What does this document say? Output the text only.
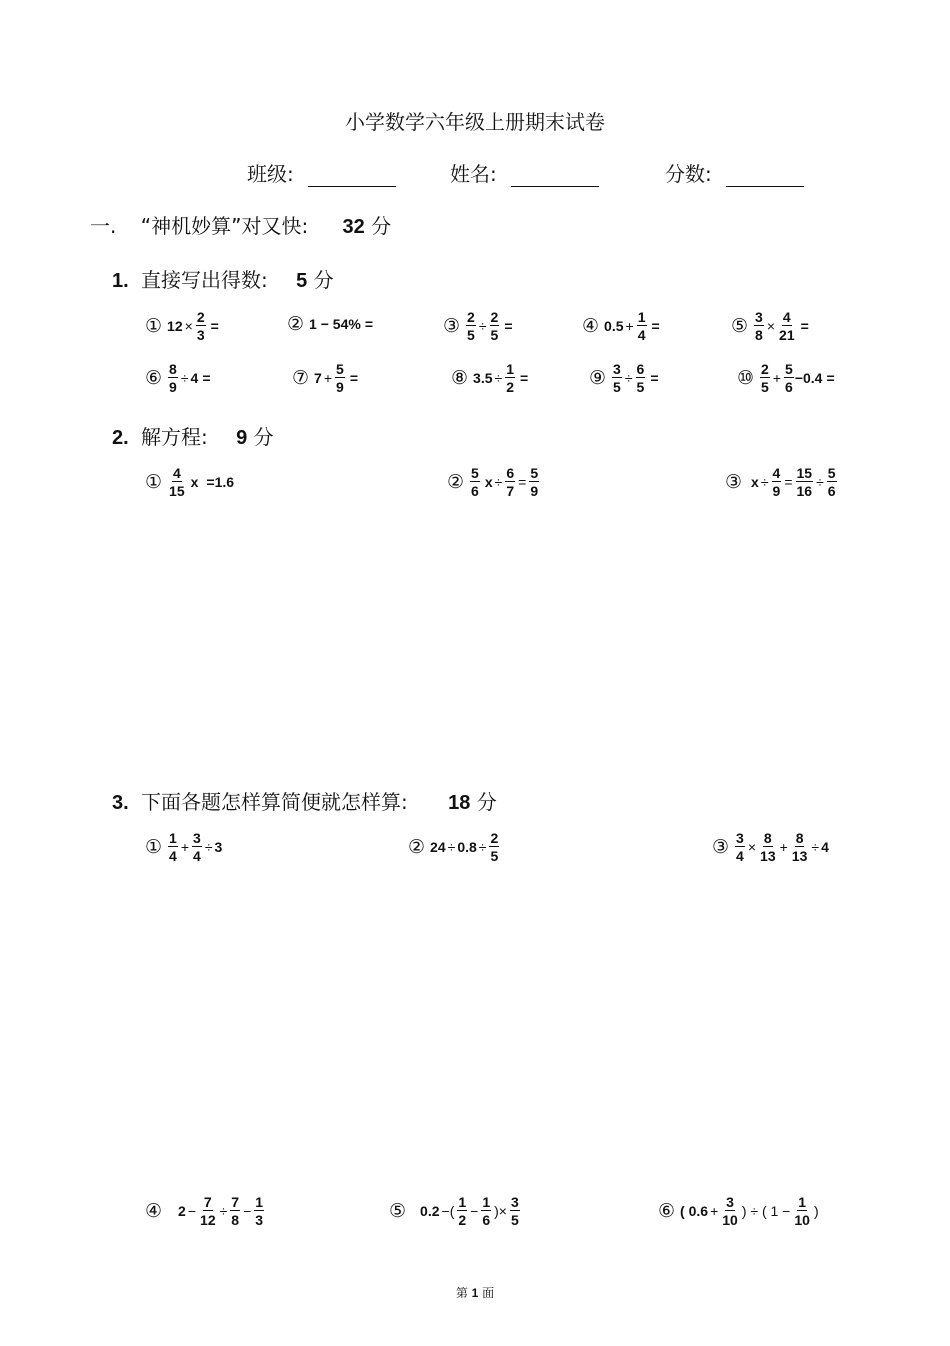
小学数学六年级上册期末试卷
班级:	姓名:	分数:
一. “神机妙算”对又快: 32 分
1. 直接写出得数: 5 分
① $12 \times \frac{2}{3}$ =	② 1 − 54% =	③ $\frac{2}{5} \div \frac{2}{5}$ =	④ $0.5 + \frac{1}{4}$ =	⑤ $\frac{3}{8} \times \frac{4}{21}$ =
⑥ $\frac{8}{9} \div 4$ =	⑦ $7 + \frac{5}{9}$ =	⑧ $3.5 \div \frac{1}{2}$ =	⑨ $\frac{3}{5} \div \frac{6}{5}$ =	⑩ $\frac{2}{5} + \frac{5}{6} -0.4$ =
2. 解方程: 9 分
① $\frac{4}{15}$ x =1.6	② $\frac{5}{6}$ $x \div \frac{6}{7} = \frac{5}{9}$	③ $x \div \frac{4}{9} = \frac{15}{16} \div \frac{5}{6}$
3. 下面各题怎样算简便就怎样算: 18 分
① $\frac{1}{4} + \frac{3}{4} \div 3$	② $24 \div 0.8 \div \frac{2}{5}$	③ $\frac{3}{4} \times \frac{8}{13} + \frac{8}{13} \div 4$
④ $2 - \frac{7}{12} \div \frac{7}{8} - \frac{1}{3}$	⑤ 0.2 −( $\frac{1}{2} - \frac{1}{6}$ )× $\frac{3}{5}$	⑥ ( $0.6 + \frac{3}{10}$ ) ÷ ( $1 - \frac{1}{10}$ )
第 1 面
